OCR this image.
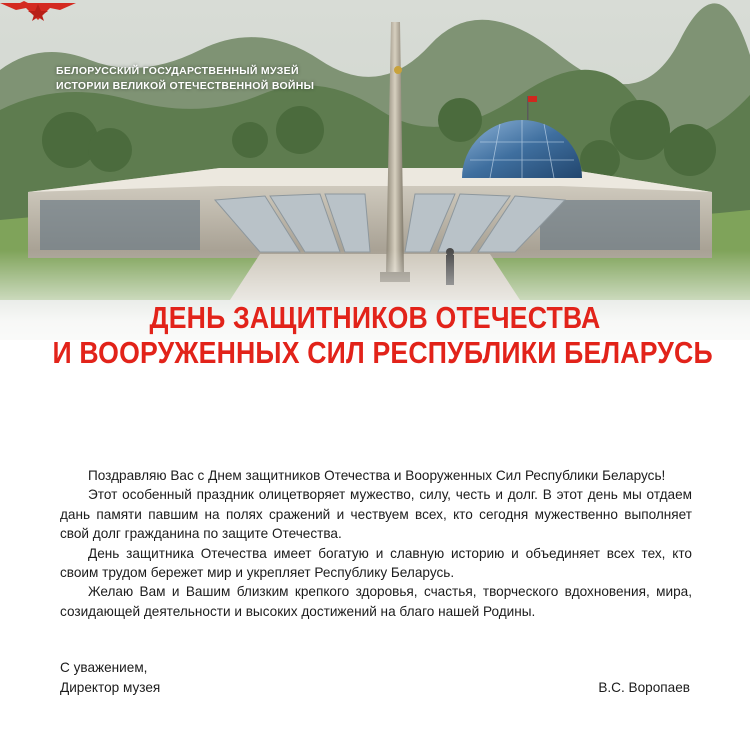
БЕЛОРУССКИЙ ГОСУДАРСТВЕННЫЙ МУЗЕЙ
ИСТОРИИ ВЕЛИКОЙ ОТЕЧЕСТВЕННОЙ ВОЙНЫ
ДЕНЬ ЗАЩИТНИКОВ ОТЕЧЕСТВА
И ВООРУЖЕННЫХ СИЛ РЕСПУБЛИКИ БЕЛАРУСЬ

Поздравляю Вас с Днем защитников Отечества и Вооруженных Сил Республики Беларусь!

Этот особенный праздник олицетворяет мужество, силу, честь и долг. В этот день мы отдаем дань памяти павшим на полях сражений и чествуем всех, кто сегодня мужественно выполняет свой долг гражданина по защите Отечества.

День защитника Отечества имеет богатую и славную историю и объединяет всех тех, кто своим трудом бережет мир и укрепляет Республику Беларусь.

Желаю Вам и Вашим близким крепкого здоровья, счастья, творческого вдохновения, мира, созидающей деятельности и высоких достижений на благо нашей Родины.

С уважением,
Директор музея	В.С. Воропаев
